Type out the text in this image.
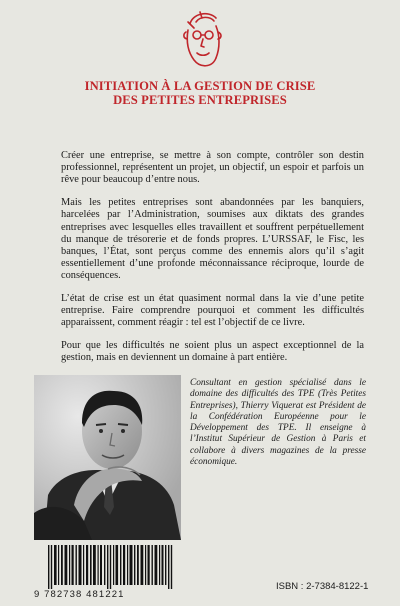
INITIATION À LA GESTION DE CRISE
DES PETITES ENTREPRISES

Créer une entreprise, se mettre à son compte, contrôler son destin professionnel, représentent un projet, un objectif, un espoir et parfois un rêve pour beaucoup d’entre nous.

Mais les petites entreprises sont abandonnées par les banquiers, harcelées par l’Administration, soumises aux diktats des grandes entreprises avec lesquelles elles travaillent et souffrent perpétuellement du manque de trésorerie et de fonds propres. L’URSSAF, le Fisc, les banques, l’État, sont perçus comme des ennemis alors qu’il s’agit essentiellement d’une profonde méconnaissance réciproque, lourde de conséquences.

L’état de crise est un état quasiment normal dans la vie d’une petite entreprise. Faire comprendre pourquoi et comment les difficultés apparaissent, comment réagir : tel est l’objectif de ce livre.

Pour que les difficultés ne soient plus un aspect exceptionnel de la gestion, mais en deviennent un domaine à part entière.

Consultant en gestion spécialisé dans le domaine des difficultés des TPE (Très Petites Entreprises), Thierry Viquerat est Président de la Confédération Européenne pour le Développement des TPE. Il enseigne à l’Institut Supérieur de Gestion à Paris et collabore à divers magazines de la presse économique.

9 782738 481221
ISBN : 2-7384-8122-1
